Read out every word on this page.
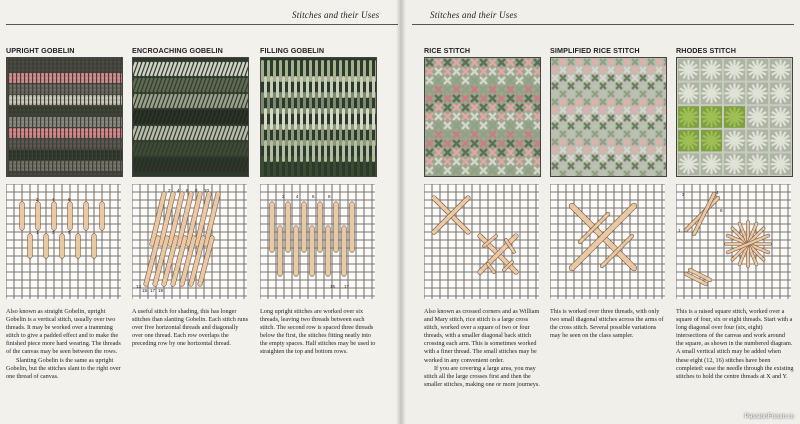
Stitches and their Uses
UPRIGHT GOBELIN
2	4	6
1	3	5
Also known as straight Gobelin, upright Gobelin is a vertical stitch, usually over two threads. It may be worked over a tramming stitch to give a padded effect and to make the finished piece more hard wearing. The threads of the canvas may be seen between the rows.
Slanting Gobelin is the same as upright Gobelin, but the stitches slant to the right over one thread of canvas.
ENCROACHING GOBELIN
2 4 6 8 10
13
15 17 19
A useful stitch for shading, this has longer stitches than slanting Gobelin. Each stitch runs over five horizontal threads and diagonally over one thread. Each row overlaps the preceding row by one horizontal thread.
FILLING GOBELIN
2	4	6	8
15 17
Long upright stitches are worked over six threads, leaving two threads between each stitch. The second row is spaced three threads below the first, the stitches fitting neatly into the empty spaces. Half stitches may be used to straighten the top and bottom rows.
Stitches and their Uses
RICE STITCH
Also known as crossed corners and as William and Mary stitch, rice stitch is a large cross stitch, worked over a square of two or four threads, with a smaller diagonal back stitch crossing each arm. This is sometimes worked with a finer thread. The small stitches may be worked in any convenient order.
If you are covering a large area, you may stitch all the large crosses first and then the smaller stitches, making one or more journeys.
SIMPLIFIED RICE STITCH
This is worked over three threads, with only two small diagonal stitches across the arms of the cross stitch. Several possible variations may be seen on the class sampler.
RHODES STITCH
2	4
6
1
This is a raised square stitch, worked over a square of four, six or eight threads. Start with a long diagonal over four (six, eight) intersections of the canvas and work around the square, as shown in the numbered diagram. A small vertical stitch may be added when these eight (12, 16) stitches have been completed: ease the needle through the existing stitches to hold the centre threads at X and Y.
PassionForum.ru
